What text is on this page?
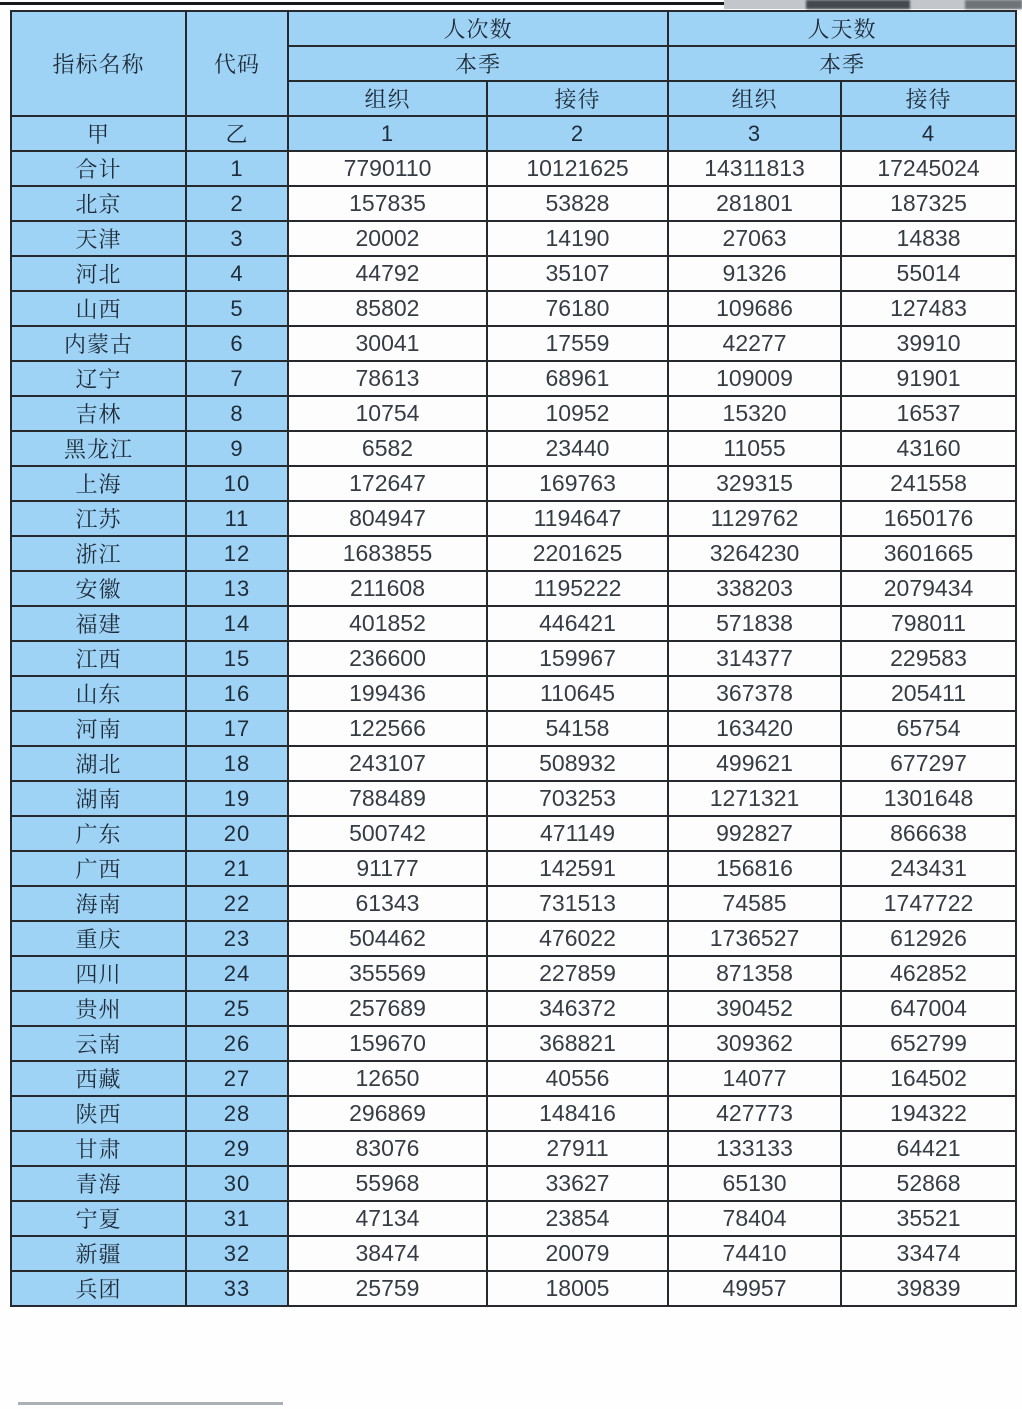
指标名称	代码	人次数		人天数	
		本季		本季	
		组织	接待	组织	接待
甲	乙	1	2	3	4
合计	1	7790110	10121625	14311813	17245024
北京	2	157835	53828	281801	187325
天津	3	20002	14190	27063	14838
河北	4	44792	35107	91326	55014
山西	5	85802	76180	109686	127483
内蒙古	6	30041	17559	42277	39910
辽宁	7	78613	68961	109009	91901
吉林	8	10754	10952	15320	16537
黑龙江	9	6582	23440	11055	43160
上海	10	172647	169763	329315	241558
江苏	11	804947	1194647	1129762	1650176
浙江	12	1683855	2201625	3264230	3601665
安徽	13	211608	1195222	338203	2079434
福建	14	401852	446421	571838	798011
江西	15	236600	159967	314377	229583
山东	16	199436	110645	367378	205411
河南	17	122566	54158	163420	65754
湖北	18	243107	508932	499621	677297
湖南	19	788489	703253	1271321	1301648
广东	20	500742	471149	992827	866638
广西	21	91177	142591	156816	243431
海南	22	61343	731513	74585	1747722
重庆	23	504462	476022	1736527	612926
四川	24	355569	227859	871358	462852
贵州	25	257689	346372	390452	647004
云南	26	159670	368821	309362	652799
西藏	27	12650	40556	14077	164502
陕西	28	296869	148416	427773	194322
甘肃	29	83076	27911	133133	64421
青海	30	55968	33627	65130	52868
宁夏	31	47134	23854	78404	35521
新疆	32	38474	20079	74410	33474
兵团	33	25759	18005	49957	39839
